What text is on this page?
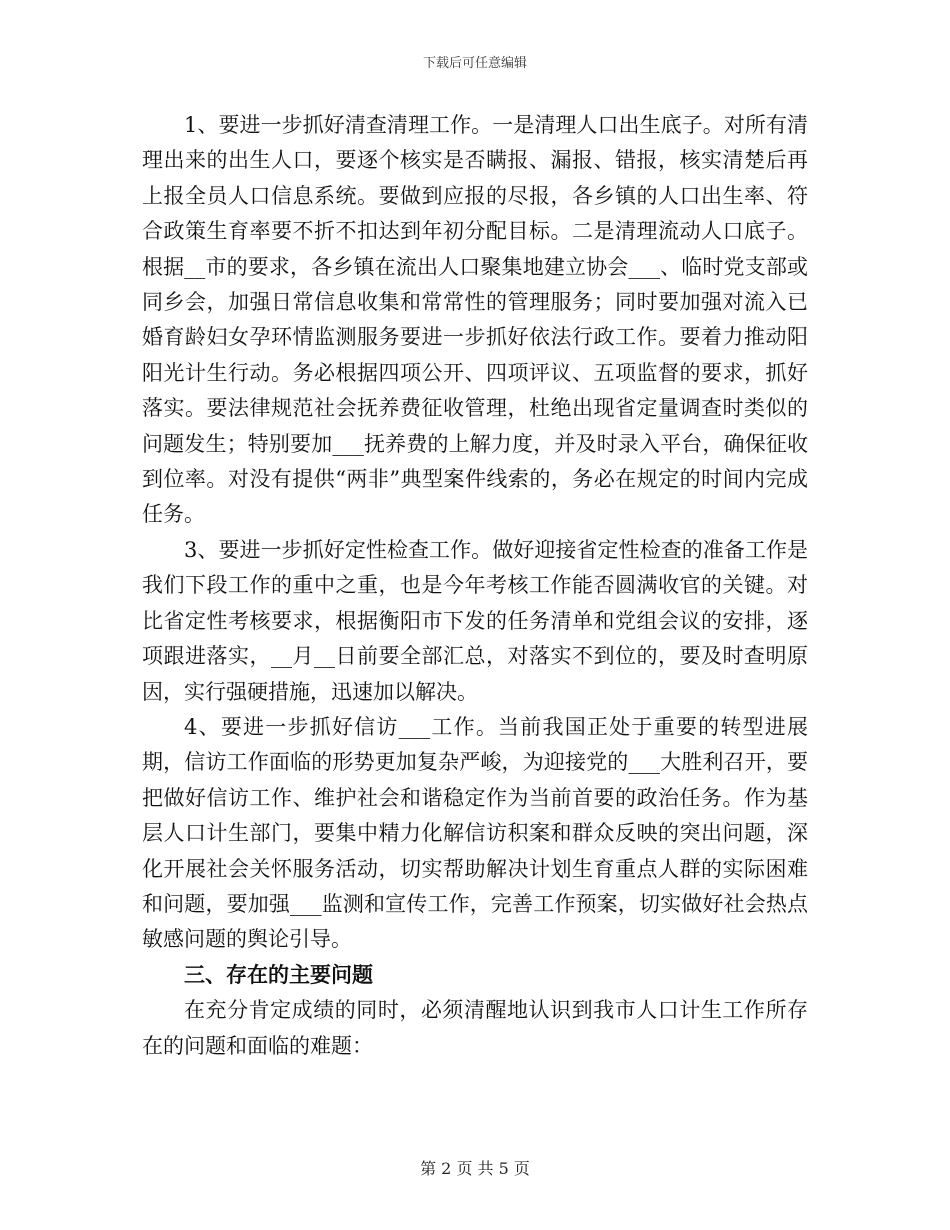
下载后可任意编辑

1、要进一步抓好清查清理工作。一是清理人口出生底子。对所有清理出来的出生人口，要逐个核实是否瞒报、漏报、错报，核实清楚后再上报全员人口信息系统。要做到应报的尽报，各乡镇的人口出生率、符合政策生育率要不折不扣达到年初分配目标。二是清理流动人口底子。根据__市的要求，各乡镇在流出人口聚集地建立协会___、临时党支部或同乡会，加强日常信息收集和常常性的管理服务；同时要加强对流入已婚育龄妇女孕环情监测服务要进一步抓好依法行政工作。要着力推动阳阳光计生行动。务必根据四项公开、四项评议、五项监督的要求，抓好落实。要法律规范社会抚养费征收管理，杜绝出现省定量调查时类似的问题发生；特别要加___抚养费的上解力度，并及时录入平台，确保征收到位率。对没有提供“两非”典型案件线索的，务必在规定的时间内完成任务。

3、要进一步抓好定性检查工作。做好迎接省定性检查的准备工作是我们下段工作的重中之重，也是今年考核工作能否圆满收官的关键。对比省定性考核要求，根据衡阳市下发的任务清单和党组会议的安排，逐项跟进落实，__月__日前要全部汇总，对落实不到位的，要及时查明原因，实行强硬措施，迅速加以解决。

4、要进一步抓好信访___工作。当前我国正处于重要的转型进展期，信访工作面临的形势更加复杂严峻，为迎接党的___大胜利召开，要把做好信访工作、维护社会和谐稳定作为当前首要的政治任务。作为基层人口计生部门，要集中精力化解信访积案和群众反映的突出问题，深化开展社会关怀服务活动，切实帮助解决计划生育重点人群的实际困难和问题，要加强___监测和宣传工作，完善工作预案，切实做好社会热点敏感问题的舆论引导。

三、存在的主要问题

在充分肯定成绩的同时，必须清醒地认识到我市人口计生工作所存在的问题和面临的难题：

第 2 页 共 5 页
